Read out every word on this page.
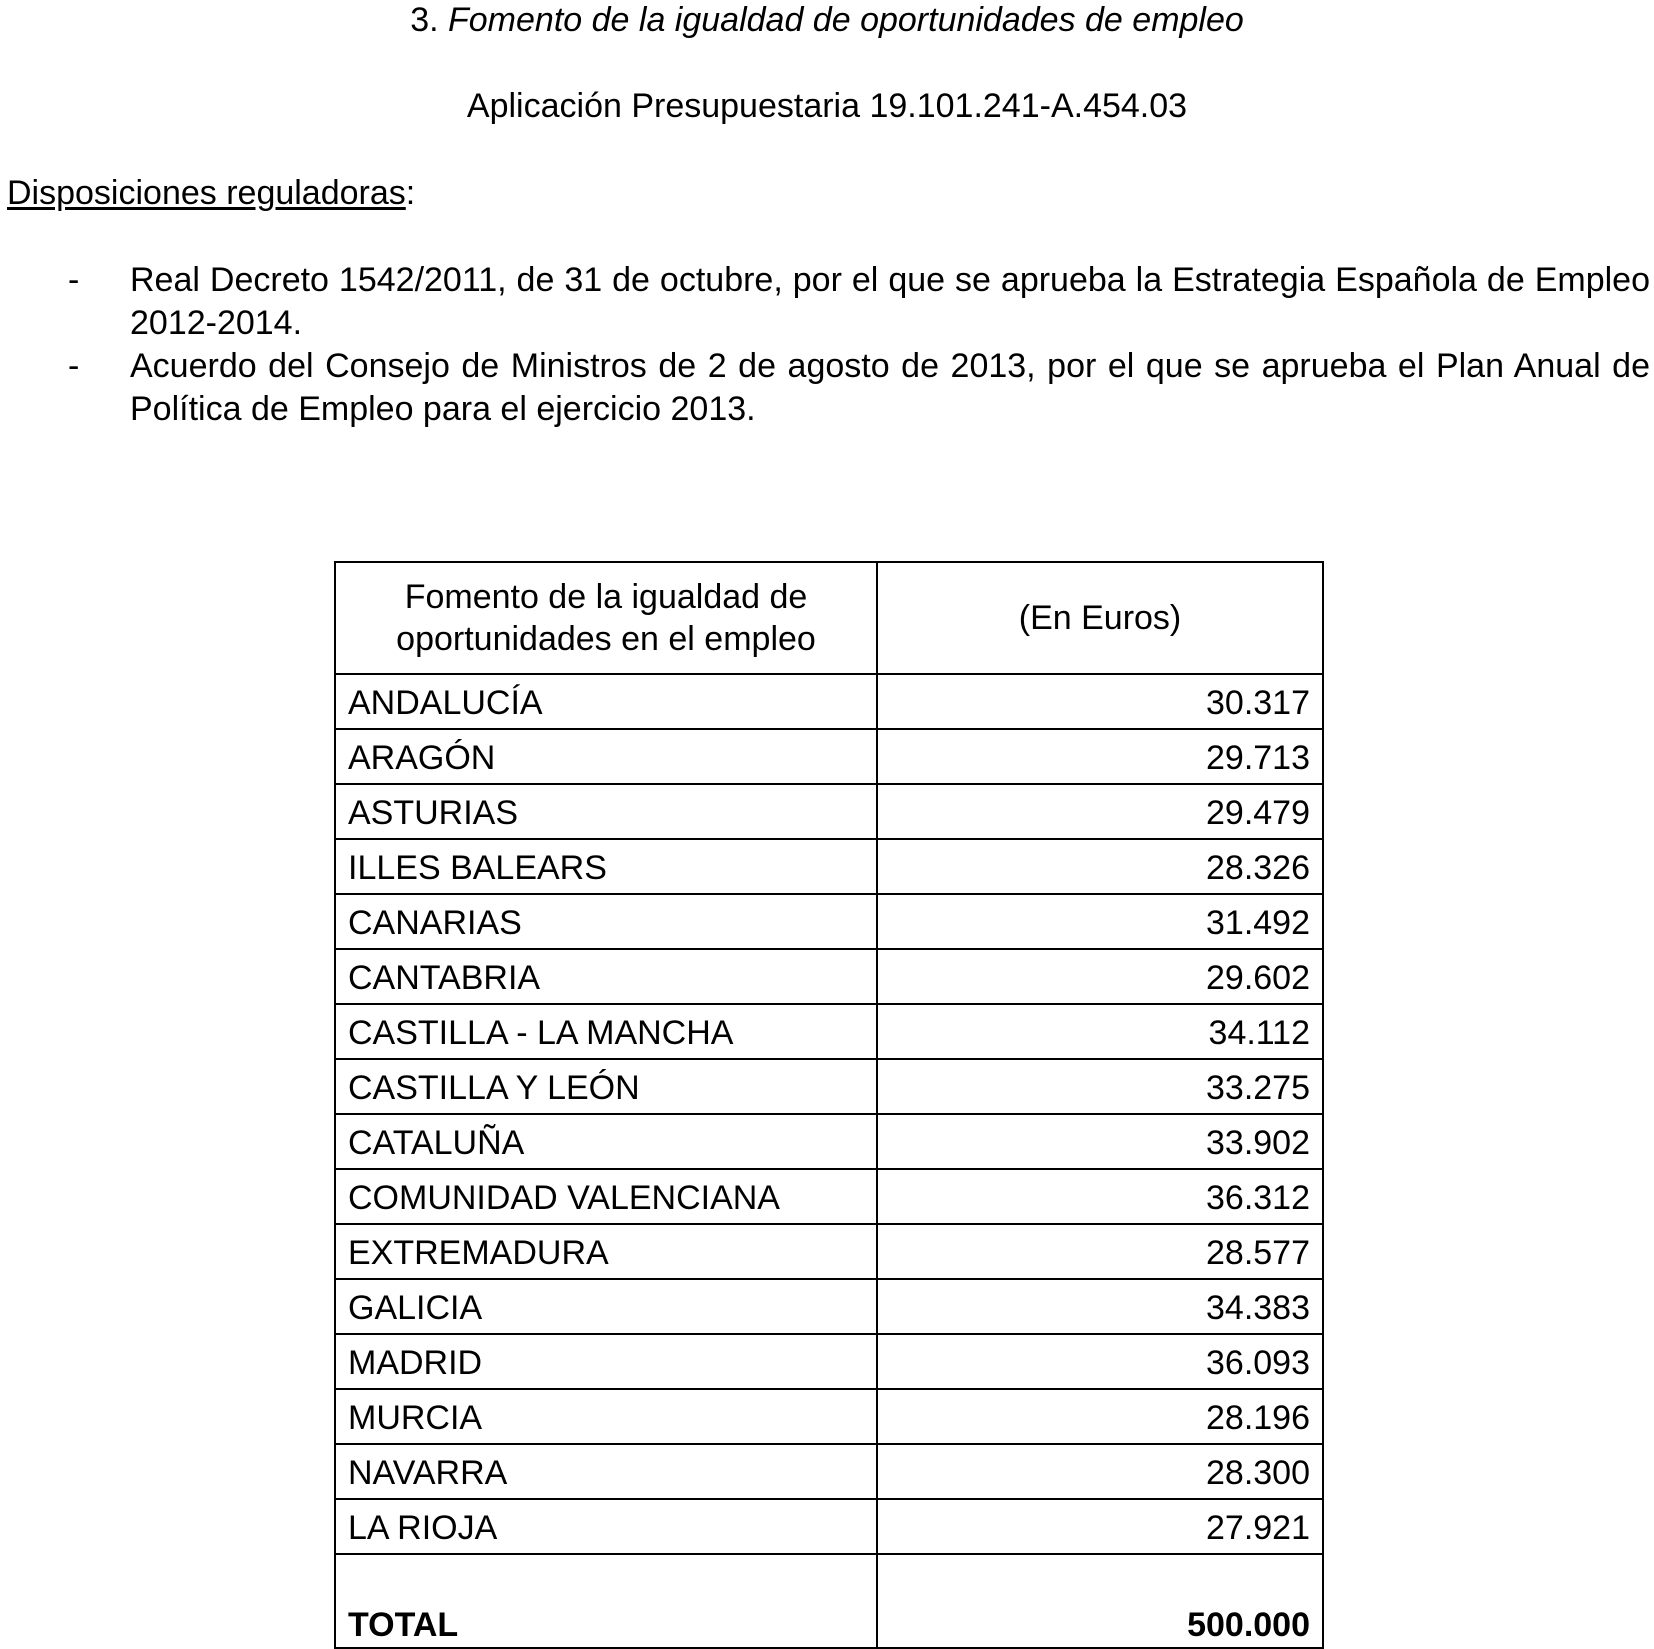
3. Fomento de la igualdad de oportunidades de empleo
Aplicación Presupuestaria 19.101.241-A.454.03
Disposiciones reguladoras:
- Real Decreto 1542/2011, de 31 de octubre, por el que se aprueba la Estrategia Española de Empleo 2012-2014.
- Acuerdo del Consejo de Ministros de 2 de agosto de 2013, por el que se aprueba el Plan Anual de Política de Empleo para el ejercicio 2013.
Fomento de la igualdad de oportunidades en el empleo	(En Euros)
ANDALUCÍA	30.317
ARAGÓN	29.713
ASTURIAS	29.479
ILLES BALEARS	28.326
CANARIAS	31.492
CANTABRIA	29.602
CASTILLA - LA MANCHA	34.112
CASTILLA Y LEÓN	33.275
CATALUÑA	33.902
COMUNIDAD VALENCIANA	36.312
EXTREMADURA	28.577
GALICIA	34.383
MADRID	36.093
MURCIA	28.196
NAVARRA	28.300
LA RIOJA	27.921
TOTAL	500.000
